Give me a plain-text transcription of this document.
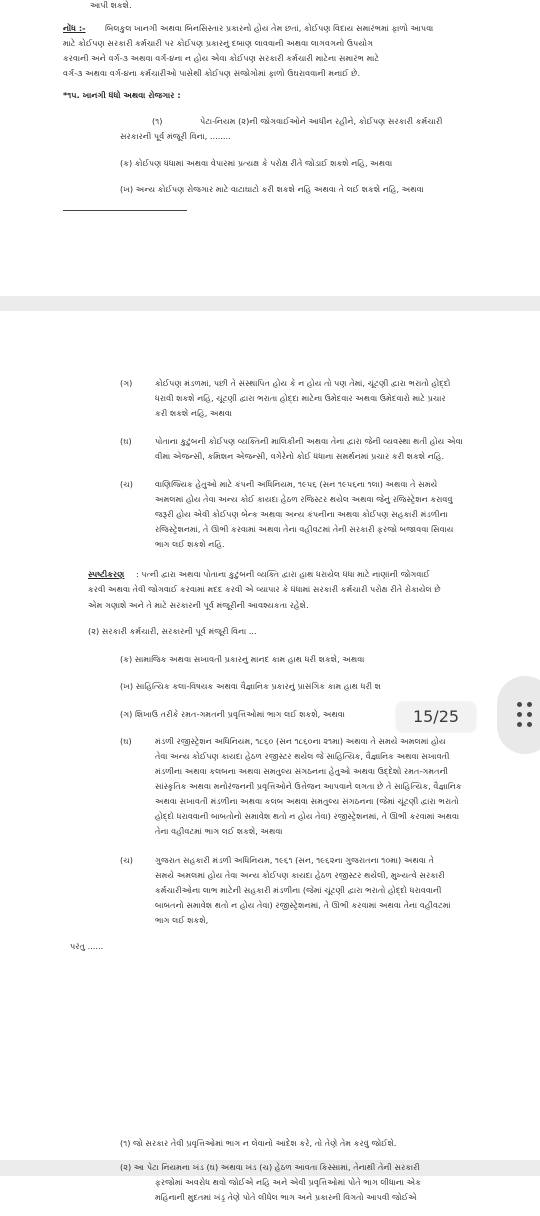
આપી શકશે.
નોંધ :- બિલકુલ ખાનગી અથવા બિનસિસ્તાર પ્રકારનો હોય તેમ છતાં, કોઈપણ વિદાય સમારંભમાં ફાળો આપવા
માટે કોઈપણ સરકારી કર્મચારી પર કોઈપણ પ્રકારનું દબાણ લાવવાની અથવા લાગવગનો ઉપયોગ
કરવાની અને વર્ગ-૩ અથવા વર્ગ-૪ના ન હોય એવા કોઈપણ સરકારી કર્મચારી માટેના સમારંભ માટે
વર્ગ-૩ અથવા વર્ગ-૪ના કર્મચારીઓ પાસેથી કોઈપણ સંજોગોમાં ફાળો ઉઘરાવવાની મનાઈ છે.
*૧૫. ખાનગી ધંધો અથવા રોજગાર :
(૧)	પેટા-નિયમ (૨)ની જોગવાઈઓને આધીન રહીને, કોઈપણ સરકારી કર્મચારી
સરકારની પૂર્વ મંજૂરી વિના, ........
(ક) કોઈપણ ધંધામાં અથવા વેપારમાં પ્રત્યક્ષ કે પરોક્ષ રીતે જોડાઈ શકશે નહિ, અથવા
(ખ) અન્ય કોઈપણ રોજગાર માટે વાટાઘાટો કરી શકશે નહિ અથવા તે લઈ શકશે નહિ, અથવા
(ગ)	કોઈપણ મંડળમાં, પછી તે સંસ્થાપિત હોય કે ન હોય તો પણ તેમાં, ચૂંટણી દ્વારા ભરાતો હોદ્દો
ધરાવી શકશે નહિ, ચૂંટણી દ્વારા ભરાતા હોદ્દા માટેના ઉમેદવાર અથવા ઉમેદવારો માટે પ્રચાર
કરી શકશે નહિ, અથવા
(ઘ)	પોતાના કુટુંબની કોઈપણ વ્યક્તિની માલિકીની અથવા તેના દ્વારા જેની વ્યવસ્થા થતી હોય એવા
વીમા એજન્સી, કમિશન એજન્સી, વગેરેનો કોઈ ધંધાના સમર્થનમાં પ્રચાર કરી શકશે નહિ.
(ચ)	વાણિજ્યિક હેતુઓ માટે કંપની અધિનિયમ, ૧૯૫૬ (સન ૧૯૫૬ના ૧લા) અથવા તે સમયે
અમલમાં હોય તેવા અન્ય કોઈ કાયદા હેઠળ રજિસ્ટર થયેલ અથવા જેનું રજિસ્ટ્રેશન કરાવવું
જરૂરી હોય એવી કોઈપણ બેન્ક અથવા અન્ય કંપનીના અથવા કોઈપણ સહકારી મંડળીના
રજિસ્ટ્રેશનમાં, તે ઊભી કરવામાં અથવા તેના વહીવટમાં તેની સરકારી ફરજો બજાવવા સિવાય
ભાગ લઈ શકશે નહિ.
સ્પષ્ટીકરણ : પત્ની દ્વારા અથવા પોતાના કુટુંબની વ્યક્તિ દ્વારા હાથ ધરાયેલ ધંધા માટે નાણાંની જોગવાઈ
કરવી અથવા તેવી જોગવાઈ કરવામાં મદદ કરવી એ વ્યાપાર કે ધંધામાં સરકારી કર્મચારી પરોક્ષ રીતે રોકાયેલ છે
એમ ગણાશે અને તે માટે સરકારની પૂર્વ મંજૂરીની આવશ્યકતા રહેશે.
(૨) સરકારી કર્મચારી, સરકારની પૂર્વ મંજૂરી વિના ...
(ક) સામાજિક અથવા સખાવતી પ્રકારનું માનદ કામ હાથ ધરી શકશે, અથવા
(ખ) સાહિત્યિક કલા-વિષયક અથવા વૈજ્ઞાનિક પ્રકારનું પ્રાસંગિક કામ હાથ ધરી શ
(ગ) શિખાઉ તરીકે રમત-ગમતની પ્રવૃત્તિઓમાં ભાગ લઈ શકશે, અથવા
(ઘ)	મંડળી રજીસ્ટ્રેશન અધિનિયમ, ૧૮૬૦ (સન ૧૮૬૦ના ૨૧મા) અથવા તે સમયે અમલમાં હોય
તેવા અન્ય કોઈપણ કાયદા હેઠળ રજીસ્ટર થયેલ જે સાહિત્યિક, વૈજ્ઞાનિક અથવા સખાવતી
મંડળીના અથવા કલબના અથવા સમતુલ્ય સંગઠનના હેતુઓ અથવા ઉદ્દેશો રમત-ગમતની
સાંસ્કૃતિક અથવા મનોરંજનની પ્રવૃત્તિઓને ઉત્તેજન આપવાને લગતા છે તે સાહિત્યિક, વૈજ્ઞાનિક
અથવા સખાવતી મંડળીના અથવા કલબ અથવા સમતુલ્ય સંગઠનના (જેમાં ચૂંટણી દ્વારા ભરાતો
હોદ્દો ધરાવવાની બાબતોનો સમાવેશ થતો ન હોય તેવા) રજીસ્ટ્રેશનમાં, તે ઊભી કરવામાં અથવા
તેના વહીવટમાં ભાગ લઈ શકશે, અથવા
(ચ)	ગુજરાત સહકારી મંડળી અધિનિયમ, ૧૯૬૧ (સન, ૧૯૬૨ના ગુજરાતના ૧૦મા) અથવા તે
સમયે અમલમાં હોય તેવા અન્ય કોઈપણ કાયદા હેઠળ રજીસ્ટર થયેલી, મુખ્યત્વે સરકારી
કર્મચારીઓના લાભ માટેની સહકારી મંડળીના (જેમાં ચૂંટણી દ્વારા ભરાતો હોદ્દો ધરાવવાની
બાબતનો સમાવેશ થતો ન હોય તેવા) રજીસ્ટ્રેશનમાં, તે ઊભી કરવામાં અથવા તેના વહીવટમાં
ભાગ લઈ શકશે,
પરંતુ ......
(૧) જો સરકાર તેવી પ્રવૃત્તિઓમાં ભાગ ન લેવાનો આદેશ કરે, તો તેણે તેમ કરવું જોઈશે.
(૨) આ પેટા નિયમના ખંડ (ઘ) અથવા ખંડ (ચ) હેઠળ આવતા કિસ્સામાં, તેનાથી તેની સરકારી
ફરજોમાં અવરોધ થવો જોઈએ નહિ અને એવી પ્રવૃત્તિઓમાં પોતે ભાગ લીધાના એક
મહિનાની મુદતમાં ખંડ્ર તેણે પોતે લીધેલ ભાગ અને પ્રકારની વિગતો આપવી જોઈએ
15/25
